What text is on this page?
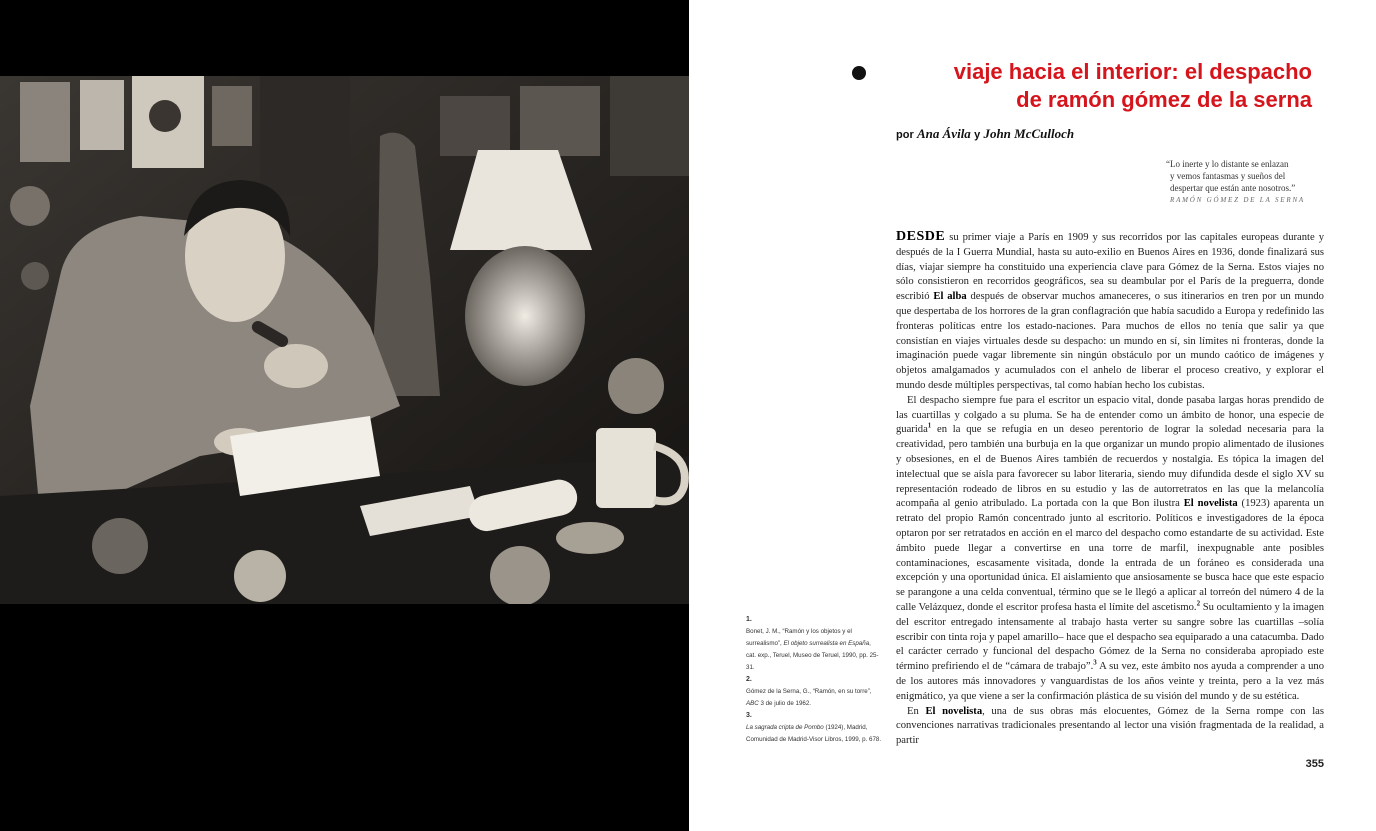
viaje hacia el interior: el despacho
de ramón gómez de la serna
por Ana Ávila y John McCulloch

“Lo inerte y lo distante se enlazan

y vemos fantasmas y sueños del

despertar que están ante nosotros.”

RAMÓN GÓMEZ DE LA SERNA

DESDE su primer viaje a París en 1909 y sus recorridos por las capitales europeas durante y después de la I Guerra Mundial, hasta su auto-exilio en Buenos Aires en 1936, donde finalizará sus días, viajar siempre ha constituido una experiencia clave para Gómez de la Serna. Estos viajes no sólo consistieron en recorridos geográficos, sea su deambular por el París de la preguerra, donde escribió El alba después de observar muchos amaneceres, o sus itinerarios en tren por un mundo que despertaba de los horrores de la gran conflagración que había sacudido a Europa y redefinido las fronteras políticas entre los estado-naciones. Para muchos de ellos no tenía que salir ya que consistían en viajes virtuales desde su despacho: un mundo en sí, sin límites ni fronteras, donde la imaginación puede vagar libremente sin ningún obstáculo por un mundo caótico de imágenes y objetos amalgamados y acumulados con el anhelo de liberar el proceso creativo, y explorar el mundo desde múltiples perspectivas, tal como habían hecho los cubistas.

El despacho siempre fue para el escritor un espacio vital, donde pasaba largas horas prendido de las cuartillas y colgado a su pluma. Se ha de entender como un ámbito de honor, una especie de guarida$^1$ en la que se refugia en un deseo perentorio de lograr la soledad necesaria para la creatividad, pero también una burbuja en la que organizar un mundo propio alimentado de ilusiones y obsesiones, en el de Buenos Aires también de recuerdos y nostalgia. Es tópica la imagen del intelectual que se aísla para favorecer su labor literaria, siendo muy difundida desde el siglo XV su representación rodeado de libros en su estudio y las de autorretratos en las que la melancolía acompaña al genio atribulado. La portada con la que Bon ilustra El novelista (1923) aparenta un retrato del propio Ramón concentrado junto al escritorio. Políticos e investigadores de la época optaron por ser retratados en acción en el marco del despacho como estandarte de su actividad. Este ámbito puede llegar a convertirse en una torre de marfil, inexpugnable ante posibles contaminaciones, escasamente visitada, donde la entrada de un foráneo es considerada una excepción y una oportunidad única. El aislamiento que ansiosamente se busca hace que este espacio se parangone a una celda conventual, término que se le llegó a aplicar al torreón del número 4 de la calle Velázquez, donde el escritor profesa hasta el límite del ascetismo.$^2$ Su ocultamiento y la imagen del escritor entregado intensamente al trabajo hasta verter su sangre sobre las cuartillas –solía escribir con tinta roja y papel amarillo– hace que el despacho sea equiparado a una catacumba. Dado el carácter cerrado y funcional del despacho Gómez de la Serna no consideraba apropiado este término prefiriendo el de “cámara de trabajo”.$^3$ A su vez, este ámbito nos ayuda a comprender a uno de los autores más innovadores y vanguardistas de los años veinte y treinta, pero a la vez más enigmático, ya que viene a ser la confirmación plástica de su visión del mundo y de su estética.

En El novelista, una de sus obras más elocuentes, Gómez de la Serna rompe con las convenciones narrativas tradicionales presentando al lector una visión fragmentada de la realidad, a partir

1.
Bonet, J. M., “Ramón y los objetos y el surrealismo”, El objeto surrealista en España, cat. exp., Teruel, Museo de Teruel, 1990, pp. 25-31.
2.
Gómez de la Serna, G., “Ramón, en su torre”, ABC 3 de julio de 1962.
3.
La sagrada cripta de Pombo (1924), Madrid, Comunidad de Madrid-Visor Libros, 1999, p. 678.
355
